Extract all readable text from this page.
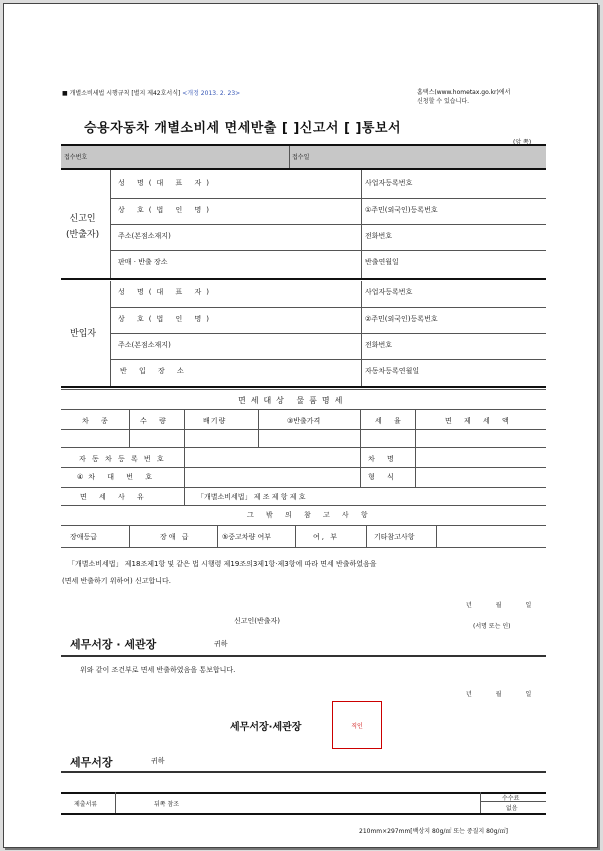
■ 개별소비세법 시행규칙 [별지 제42호서식] <개정 2013. 2. 23>	홈택스(www.hometax.go.kr)에서
신청할 수 있습니다.
승용자동차 개별소비세 면세반출 [ ]신고서 [ ]통보서
(앞 쪽)
접수번호	접수일
신고인
(반출자)
성 명(대 표 자)	사업자등록번호
상 호(법 인 명)	①주민(외국인)등록번호
주소(본점소재지)	전화번호
판매 · 반출 장소	반출연월일
반입자
성 명(대 표 자)	사업자등록번호
상 호(법 인 명)	②주민(외국인)등록번호
주소(본점소재지)	전화번호
반 입 장 소	자동차등록연월일
면세대상 물품명세
차 종	수 량	배기량	③반출가격	세 율	면 제 세 액
자 동 차 등 록 번 호	차 명
④차 대 번 호	형 식
면 세 사 유	「개별소비세법」 제 조 제 항 제 호
그 밖 의 참 고 사 항
장애등급	장애 급	⑤중고차량 여부	여, 부	기타참고사항
「개별소비세법」 제18조제1항 및 같은 법 시행령 제19조의3제1항·제3항에 따라 면세 반출하였음을
(면세 반출하기 위하여) 신고합니다.
년	월	일
신고인(반출자)
(서명 또는 인)
세무서장 · 세관장	귀하
위와 같이 조건부로 면세 반출하였음을 통보합니다.
년	월	일
세무서장·세관장	직인
세무서장	귀하
제출서류	뒤쪽 참조
수수료
없음
210mm×297mm[백상지 80g/㎡ 또는 중질지 80g/㎡]
